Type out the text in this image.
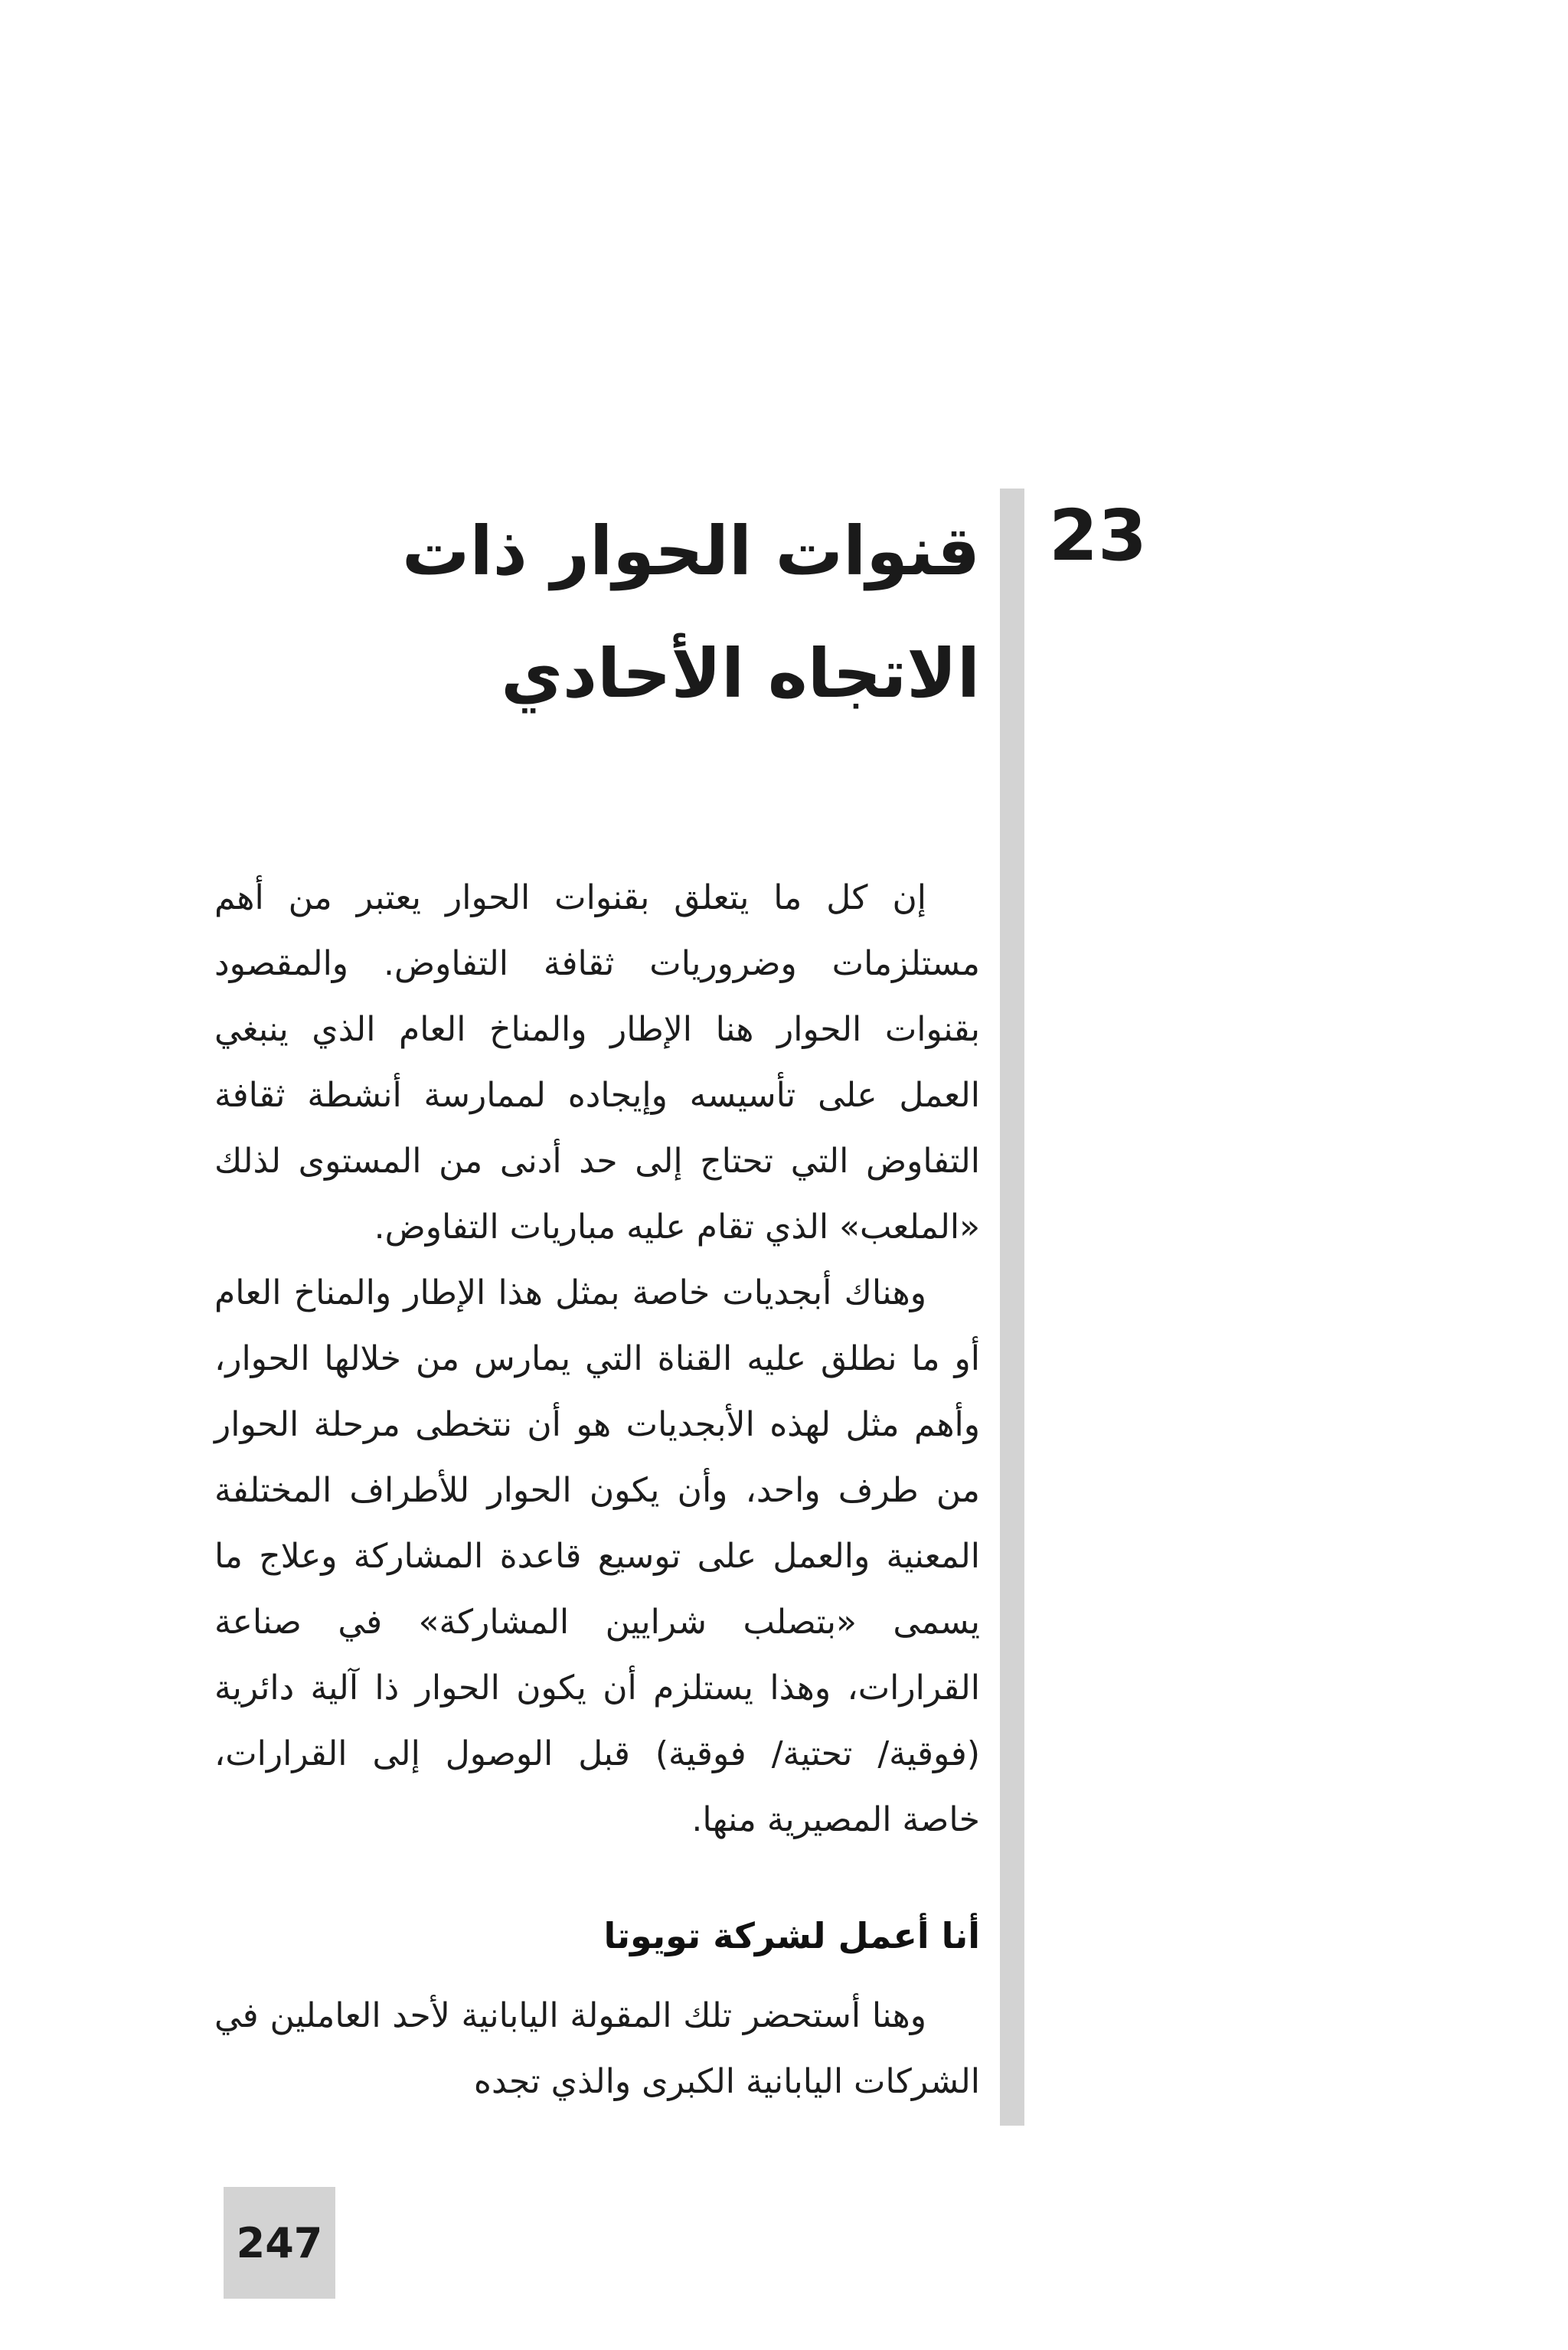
23
قنوات الحوار ذات الاتجاه الأحادي

إن كل ما يتعلق بقنوات الحوار يعتبر من أهم مستلزمات وضروريات ثقافة التفاوض. والمقصود بقنوات الحوار هنا الإطار والمناخ العام الذي ينبغي العمل على تأسيسه وإيجاده لممارسة أنشطة ثقافة التفاوض التي تحتاج إلى حد أدنى من المستوى لذلك «الملعب» الذي تقام عليه مباريات التفاوض.

وهناك أبجديات خاصة بمثل هذا الإطار والمناخ العام أو ما نطلق عليه القناة التي يمارس من خلالها الحوار، وأهم مثل لهذه الأبجديات هو أن نتخطى مرحلة الحوار من طرف واحد، وأن يكون الحوار للأطراف المختلفة المعنية والعمل على توسيع قاعدة المشاركة وعلاج ما يسمى «بتصلب شرايين المشاركة» في صناعة القرارات، وهذا يستلزم أن يكون الحوار ذا آلية دائرية (فوقية/ تحتية/ فوقية) قبل الوصول إلى القرارات، خاصة المصيرية منها.

أنا أعمل لشركة تويوتا

وهنا أستحضر تلك المقولة اليابانية لأحد العاملين في الشركات اليابانية الكبرى والذي تجده

247
